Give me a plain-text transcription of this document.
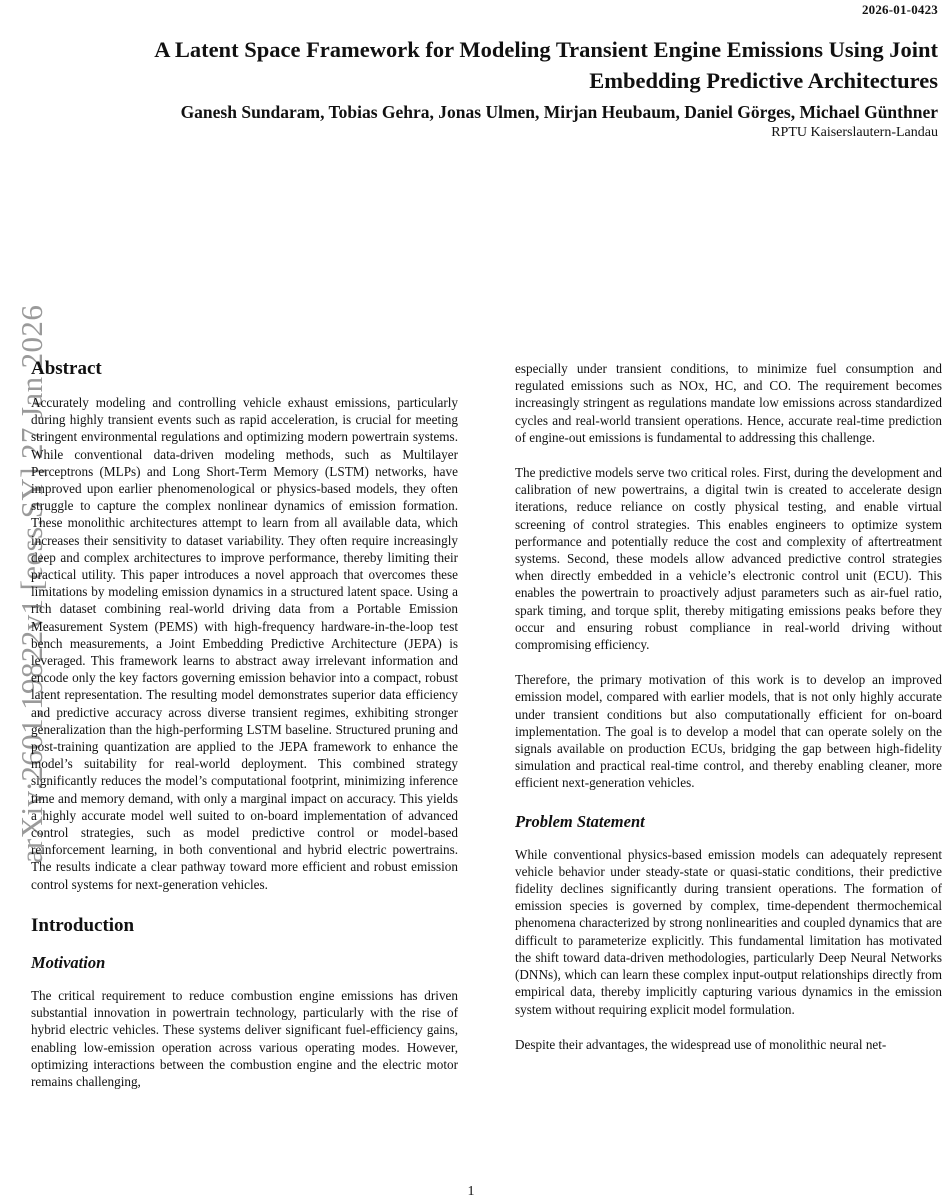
2026-01-0423
A Latent Space Framework for Modeling Transient Engine Emissions Using Joint
Embedding Predictive Architectures
Ganesh Sundaram, Tobias Gehra, Jonas Ulmen, Mirjan Heubaum, Daniel Görges, Michael Günthner
RPTU Kaiserslautern-Landau
arXiv:2601.19822v1 [eess.SY] 27 Jan 2026
Abstract

Accurately modeling and controlling vehicle exhaust emissions, particularly during highly transient events such as rapid acceleration, is crucial for meeting stringent environmental regulations and optimizing modern powertrain systems. While conventional data-driven modeling methods, such as Multilayer Perceptrons (MLPs) and Long Short-Term Memory (LSTM) networks, have improved upon earlier phenomenological or physics-based models, they often struggle to capture the complex nonlinear dynamics of emission formation. These monolithic architectures attempt to learn from all available data, which increases their sensitivity to dataset variability. They often require increasingly deep and complex architectures to improve performance, thereby limiting their practical utility. This paper introduces a novel approach that overcomes these limitations by modeling emission dynamics in a structured latent space. Using a rich dataset combining real-world driving data from a Portable Emission Measurement System (PEMS) with high-frequency hardware-in-the-loop test bench measurements, a Joint Embedding Predictive Architecture (JEPA) is leveraged. This framework learns to abstract away irrelevant information and encode only the key factors governing emission behavior into a compact, robust latent representation. The resulting model demonstrates superior data efficiency and predictive accuracy across diverse transient regimes, exhibiting stronger generalization than the high-performing LSTM baseline. Structured pruning and post-training quantization are applied to the JEPA framework to enhance the model’s suitability for real-world deployment. This combined strategy significantly reduces the model’s computational footprint, minimizing inference time and memory demand, with only a marginal impact on accuracy. This yields a highly accurate model well suited to on-board implementation of advanced control strategies, such as model predictive control or model-based reinforcement learning, in both conventional and hybrid electric powertrains. The results indicate a clear pathway toward more efficient and robust emission control systems for next-generation vehicles.

Introduction
Motivation

The critical requirement to reduce combustion engine emissions has driven substantial innovation in powertrain technology, particularly with the rise of hybrid electric vehicles. These systems deliver significant fuel-efficiency gains, enabling low-emission operation across various operating modes. However, optimizing interactions between the combustion engine and the electric motor remains challenging,

especially under transient conditions, to minimize fuel consumption and regulated emissions such as NOx, HC, and CO. The requirement becomes increasingly stringent as regulations mandate low emissions across standardized cycles and real-world transient operations. Hence, accurate real-time prediction of engine-out emissions is fundamental to addressing this challenge.

The predictive models serve two critical roles. First, during the development and calibration of new powertrains, a digital twin is created to accelerate design iterations, reduce reliance on costly physical testing, and enable virtual screening of control strategies. This enables engineers to optimize system performance and potentially reduce the cost and complexity of aftertreatment systems. Second, these models allow advanced predictive control strategies when directly embedded in a vehicle’s electronic control unit (ECU). This enables the powertrain to proactively adjust parameters such as air-fuel ratio, spark timing, and torque split, thereby mitigating emissions peaks before they occur and ensuring robust compliance in real-world driving without compromising efficiency.

Therefore, the primary motivation of this work is to develop an improved emission model, compared with earlier models, that is not only highly accurate under transient conditions but also computationally efficient for on-board implementation. The goal is to develop a model that can operate solely on the signals available on production ECUs, bridging the gap between high-fidelity simulation and practical real-time control, and thereby enabling cleaner, more efficient next-generation vehicles.

Problem Statement

While conventional physics-based emission models can adequately represent vehicle behavior under steady-state or quasi-static conditions, their predictive fidelity declines significantly during transient operations. The formation of emission species is governed by complex, time-dependent thermochemical phenomena characterized by strong nonlinearities and coupled dynamics that are difficult to parameterize explicitly. This fundamental limitation has motivated the shift toward data-driven methodologies, particularly Deep Neural Networks (DNNs), which can learn these complex input-output relationships directly from empirical data, thereby implicitly capturing various dynamics in the emission system without requiring explicit model formulation.

Despite their advantages, the widespread use of monolithic neural net-

1
